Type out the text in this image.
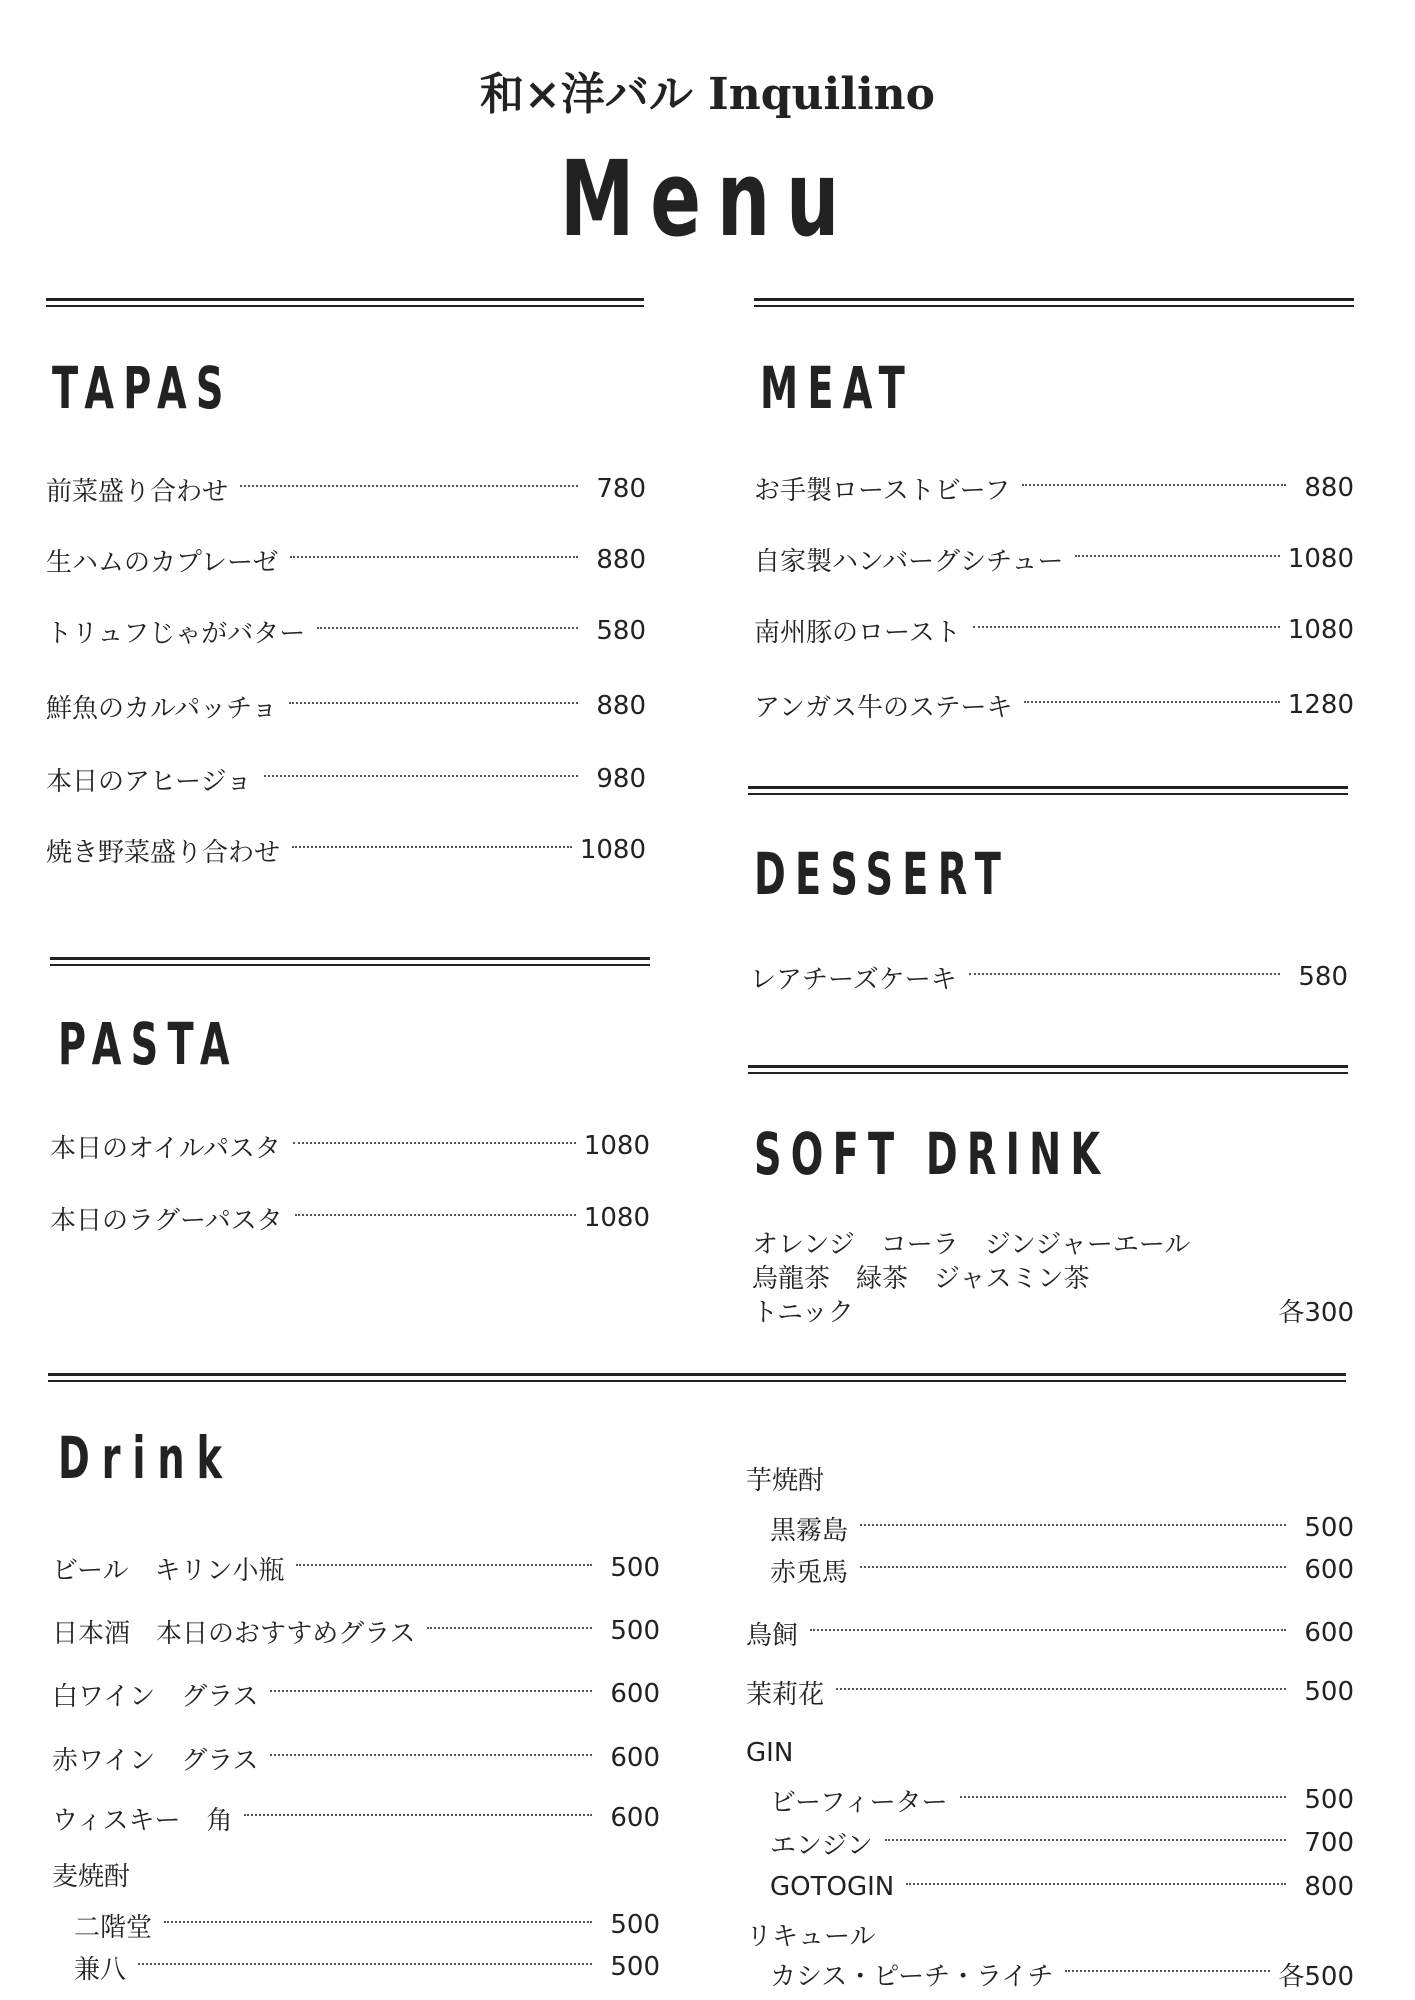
和×洋バル Inquilino
Menu
TAPAS
前菜盛り合わせ	780
生ハムのカプレーゼ	880
トリュフじゃがバター	580
鮮魚のカルパッチョ	880
本日のアヒージョ	980
焼き野菜盛り合わせ	1080
PASTA
本日のオイルパスタ	1080
本日のラグーパスタ	1080
MEAT
お手製ローストビーフ	880
自家製ハンバーグシチュー	1080
南州豚のロースト	1080
アンガス牛のステーキ	1280
DESSERT
レアチーズケーキ	580
SOFT DRINK
オレンジ　コーラ　ジンジャーエール
烏龍茶　緑茶　ジャスミン茶
トニック	各300
Drink
ビール　キリン小瓶	500
日本酒　本日のおすすめグラス	500
白ワイン　グラス	600
赤ワイン　グラス	600
ウィスキー　角	600
麦焼酎
二階堂	500
兼八	500
芋焼酎
黒霧島	500
赤兎馬	600
鳥飼	600
茉莉花	500
GIN
ビーフィーター	500
エンジン	700
GOTOGIN	800
リキュール
カシス・ピーチ・ライチ	各500
